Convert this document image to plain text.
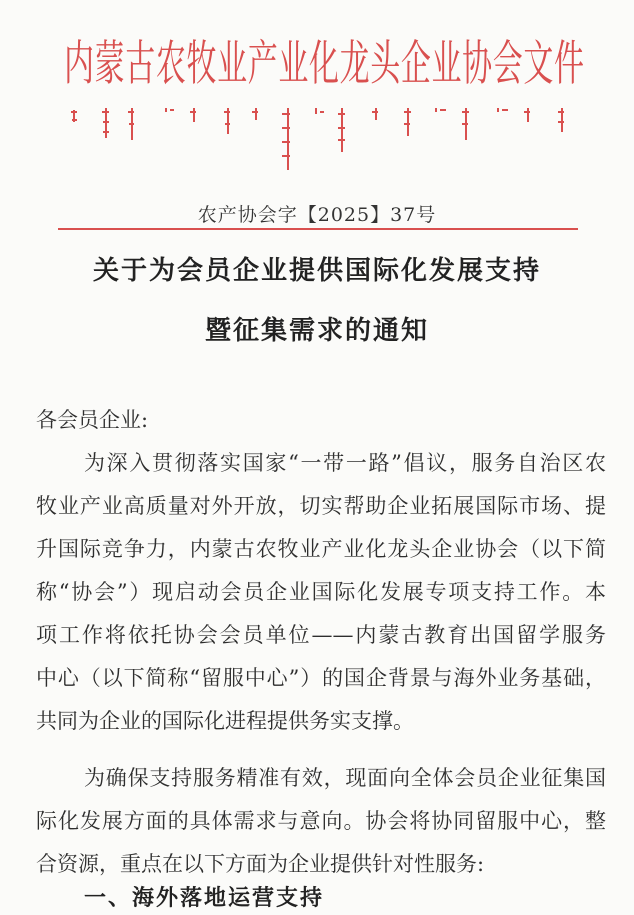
内蒙古农牧业产业化龙头企业协会文件
农产协会字【2025】37号
关于为会员企业提供国际化发展支持
暨征集需求的通知
各会员企业:
为深入贯彻落实国家“一带一路”倡议，服务自治区农
牧业产业高质量对外开放，切实帮助企业拓展国际市场、提
升国际竞争力，内蒙古农牧业产业化龙头企业协会（以下简
称“协会”）现启动会员企业国际化发展专项支持工作。本
项工作将依托协会会员单位——内蒙古教育出国留学服务
中心（以下简称“留服中心”）的国企背景与海外业务基础，
共同为企业的国际化进程提供务实支撑。
为确保支持服务精准有效，现面向全体会员企业征集国
际化发展方面的具体需求与意向。协会将协同留服中心，整
合资源，重点在以下方面为企业提供针对性服务:
一、海外落地运营支持
